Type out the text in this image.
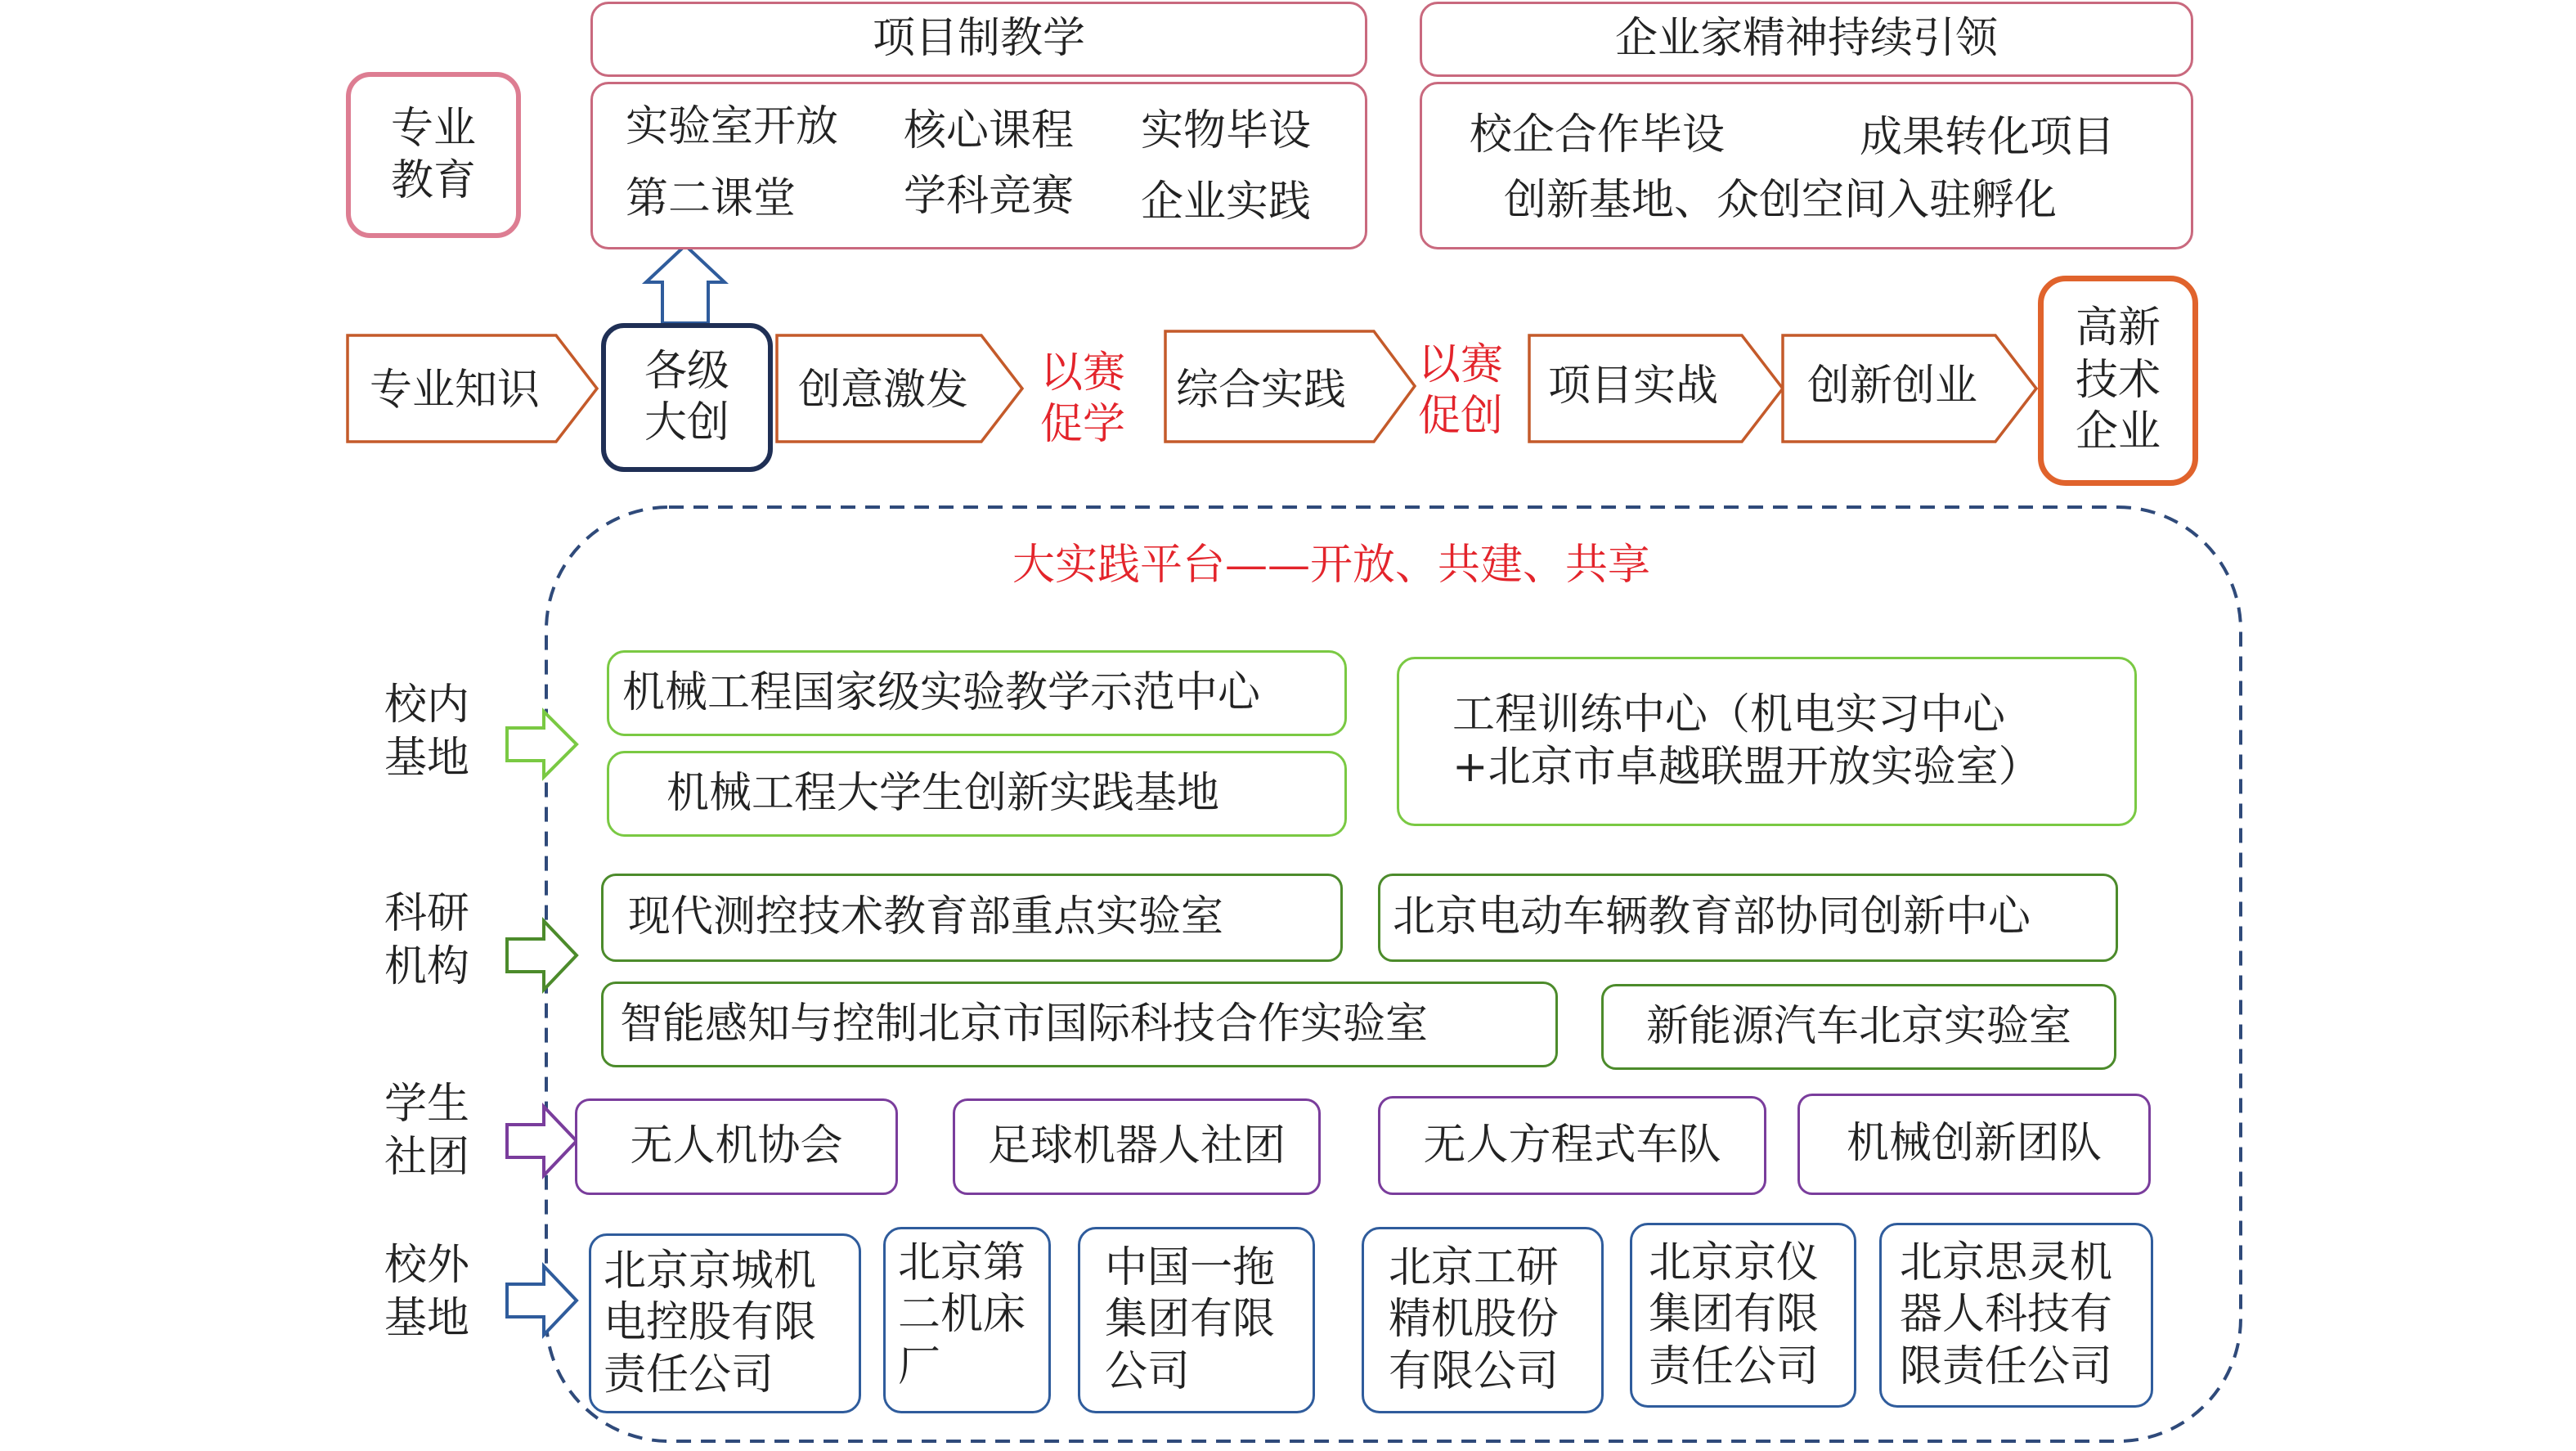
项目制教学
实验室开放 核心课程 实物毕设
第二课堂	学科竞赛 企业实践
企业家精神持续引领
校企合作毕设	成果转化项目
创新基地、众创空间入驻孵化
专业
教育
专业知识 各级
大创
创意激发 以赛
促学
综合实践
以赛
促创
项目实战 创新创业
高新
技术
企业
大实践平台——开放、共建、共享
校内
基地
机械工程国家级实验教学示范中心
机械工程大学生创新实践基地
工程训练中心（机电实习中心
+北京市卓越联盟开放实验室）
科研
机构
现代测控技术教育部重点实验室	北京电动车辆教育部协同创新中心
智能感知与控制北京市国际科技合作实验室	新能源汽车北京实验室
学生
社团	无人机协会	足球机器人社团	无人方程式车队	机械创新团队
校外
基地
北京京城机
电控股有限
责任公司
北京第
二机床
厂
中国一拖
集团有限
公司
北京工研
精机股份
有限公司
北京京仪
集团有限
责任公司
北京思灵机
器人科技有
限责任公司
